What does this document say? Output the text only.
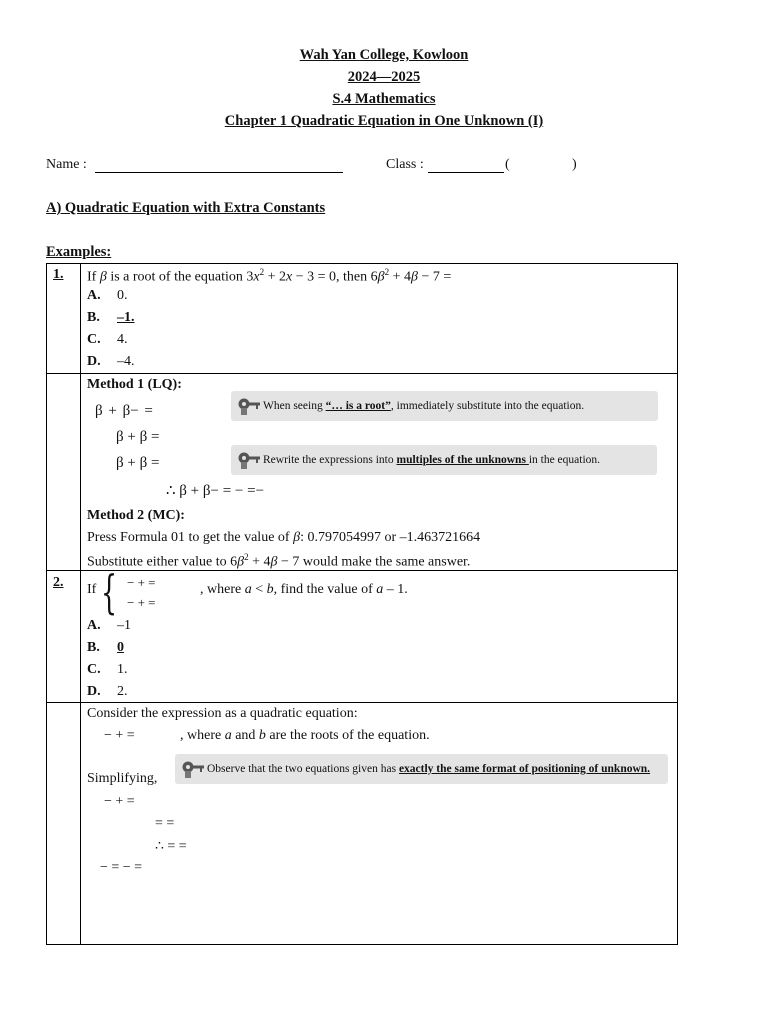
Wah Yan College, Kowloon
2024—2025
S.4 Mathematics
Chapter 1 Quadratic Equation in One Unknown (I)
Name :	Class :	(	)
A) Quadratic Equation with Extra Constants
Examples:
1. If β is a root of the equation $3x^2 + 2x - 3 = 0$, then $6\beta^2 + 4\beta - 7$ =
A. 0.
B. –1.
C. 4.
D. –4.
Method 1 (LQ):
β + β− =
β + β =
β + β =
∴ β + β− = − =−
When seeing “… is a root”, immediately substitute into the equation.
Rewrite the expressions into multiples of the unknowns in the equation.
Method 2 (MC):
Press Formula 01 to get the value of β: 0.797054997 or –1.463721664
Substitute either value to $6\beta^2 + 4\beta - 7$ would make the same answer.
2. If { − + =
− + =
, where a < b, find the value of a – 1.
A. –1
B. 0
C. 1.
D. 2.
Consider the expression as a quadratic equation:
− + =	, where a and b are the roots of the equation.
Simplifying,
Observe that the two equations given has exactly the same format of positioning of unknown.
− + =
= =
∴ = =
− = − =
